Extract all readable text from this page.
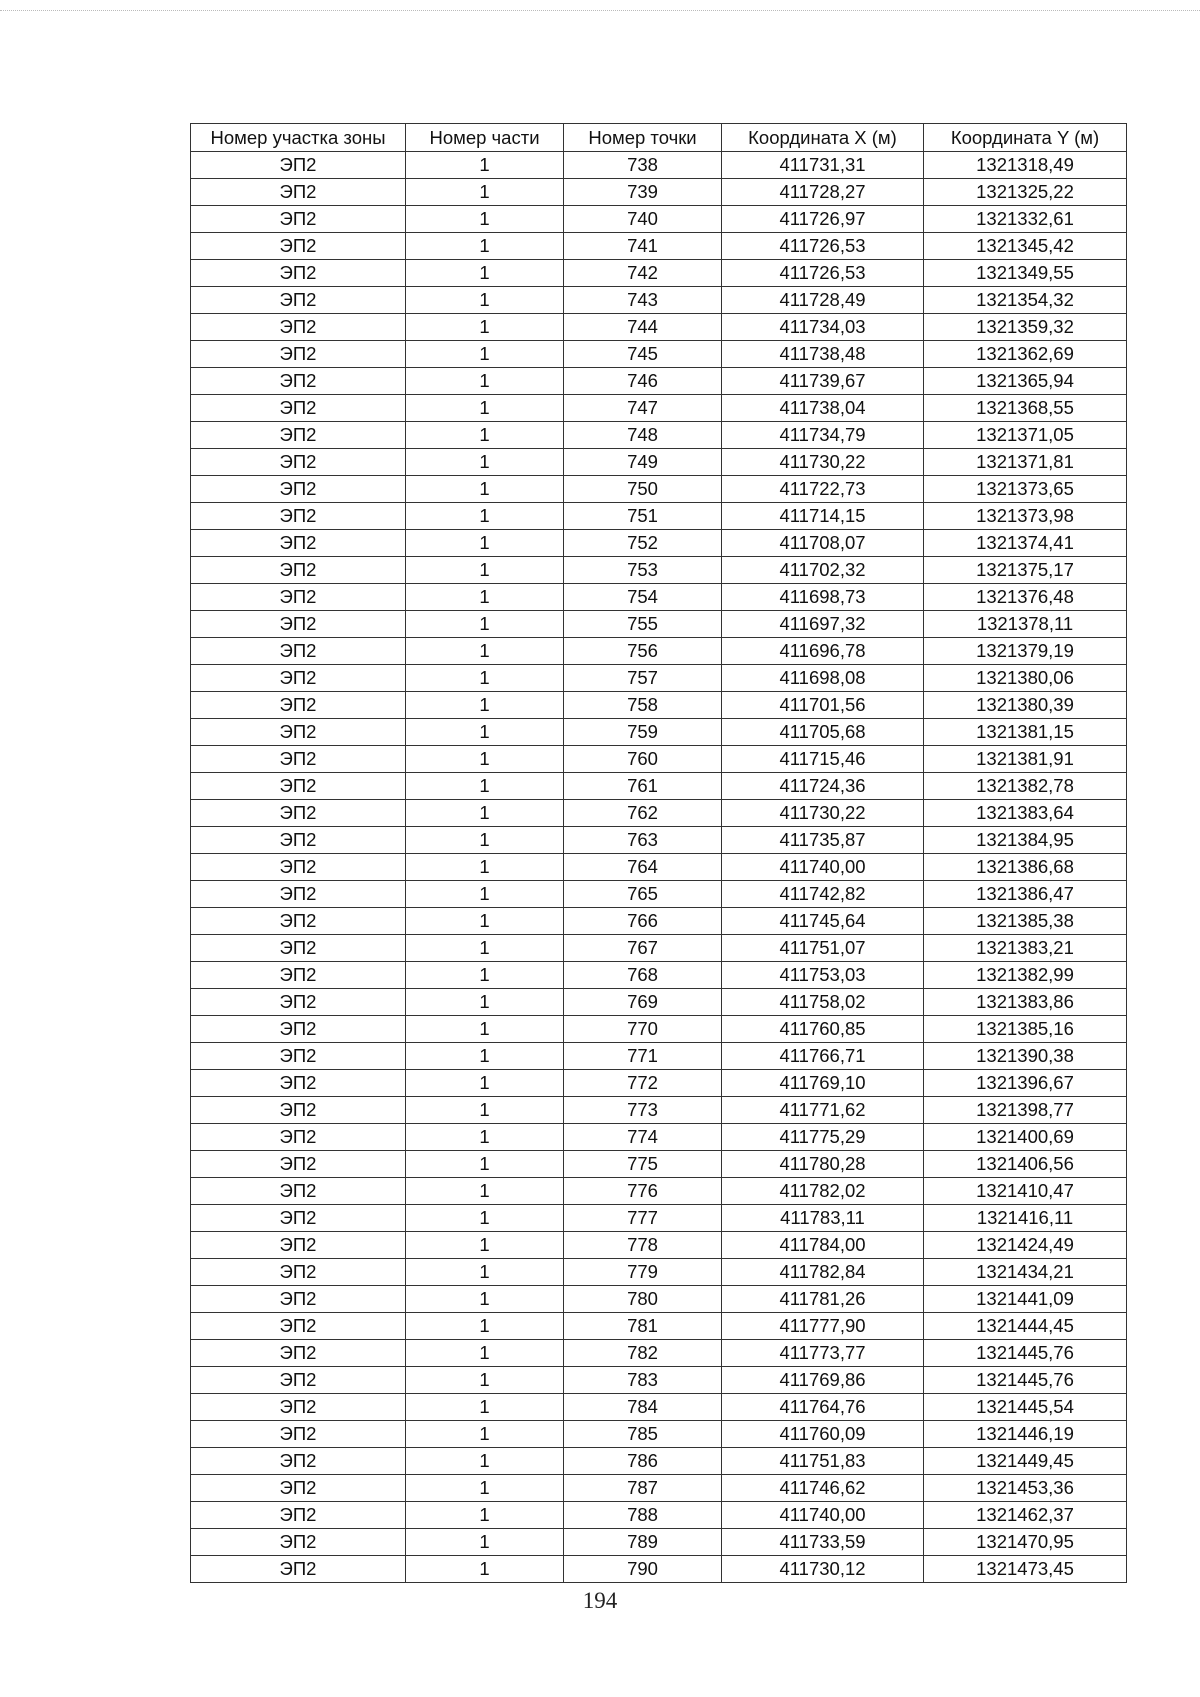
Номер участка зоны	Номер части	Номер точки	Координата X (м)	Координата Y (м)
ЭП2	1	738	411731,31	1321318,49
ЭП2	1	739	411728,27	1321325,22
ЭП2	1	740	411726,97	1321332,61
ЭП2	1	741	411726,53	1321345,42
ЭП2	1	742	411726,53	1321349,55
ЭП2	1	743	411728,49	1321354,32
ЭП2	1	744	411734,03	1321359,32
ЭП2	1	745	411738,48	1321362,69
ЭП2	1	746	411739,67	1321365,94
ЭП2	1	747	411738,04	1321368,55
ЭП2	1	748	411734,79	1321371,05
ЭП2	1	749	411730,22	1321371,81
ЭП2	1	750	411722,73	1321373,65
ЭП2	1	751	411714,15	1321373,98
ЭП2	1	752	411708,07	1321374,41
ЭП2	1	753	411702,32	1321375,17
ЭП2	1	754	411698,73	1321376,48
ЭП2	1	755	411697,32	1321378,11
ЭП2	1	756	411696,78	1321379,19
ЭП2	1	757	411698,08	1321380,06
ЭП2	1	758	411701,56	1321380,39
ЭП2	1	759	411705,68	1321381,15
ЭП2	1	760	411715,46	1321381,91
ЭП2	1	761	411724,36	1321382,78
ЭП2	1	762	411730,22	1321383,64
ЭП2	1	763	411735,87	1321384,95
ЭП2	1	764	411740,00	1321386,68
ЭП2	1	765	411742,82	1321386,47
ЭП2	1	766	411745,64	1321385,38
ЭП2	1	767	411751,07	1321383,21
ЭП2	1	768	411753,03	1321382,99
ЭП2	1	769	411758,02	1321383,86
ЭП2	1	770	411760,85	1321385,16
ЭП2	1	771	411766,71	1321390,38
ЭП2	1	772	411769,10	1321396,67
ЭП2	1	773	411771,62	1321398,77
ЭП2	1	774	411775,29	1321400,69
ЭП2	1	775	411780,28	1321406,56
ЭП2	1	776	411782,02	1321410,47
ЭП2	1	777	411783,11	1321416,11
ЭП2	1	778	411784,00	1321424,49
ЭП2	1	779	411782,84	1321434,21
ЭП2	1	780	411781,26	1321441,09
ЭП2	1	781	411777,90	1321444,45
ЭП2	1	782	411773,77	1321445,76
ЭП2	1	783	411769,86	1321445,76
ЭП2	1	784	411764,76	1321445,54
ЭП2	1	785	411760,09	1321446,19
ЭП2	1	786	411751,83	1321449,45
ЭП2	1	787	411746,62	1321453,36
ЭП2	1	788	411740,00	1321462,37
ЭП2	1	789	411733,59	1321470,95
ЭП2	1	790	411730,12	1321473,45
194
